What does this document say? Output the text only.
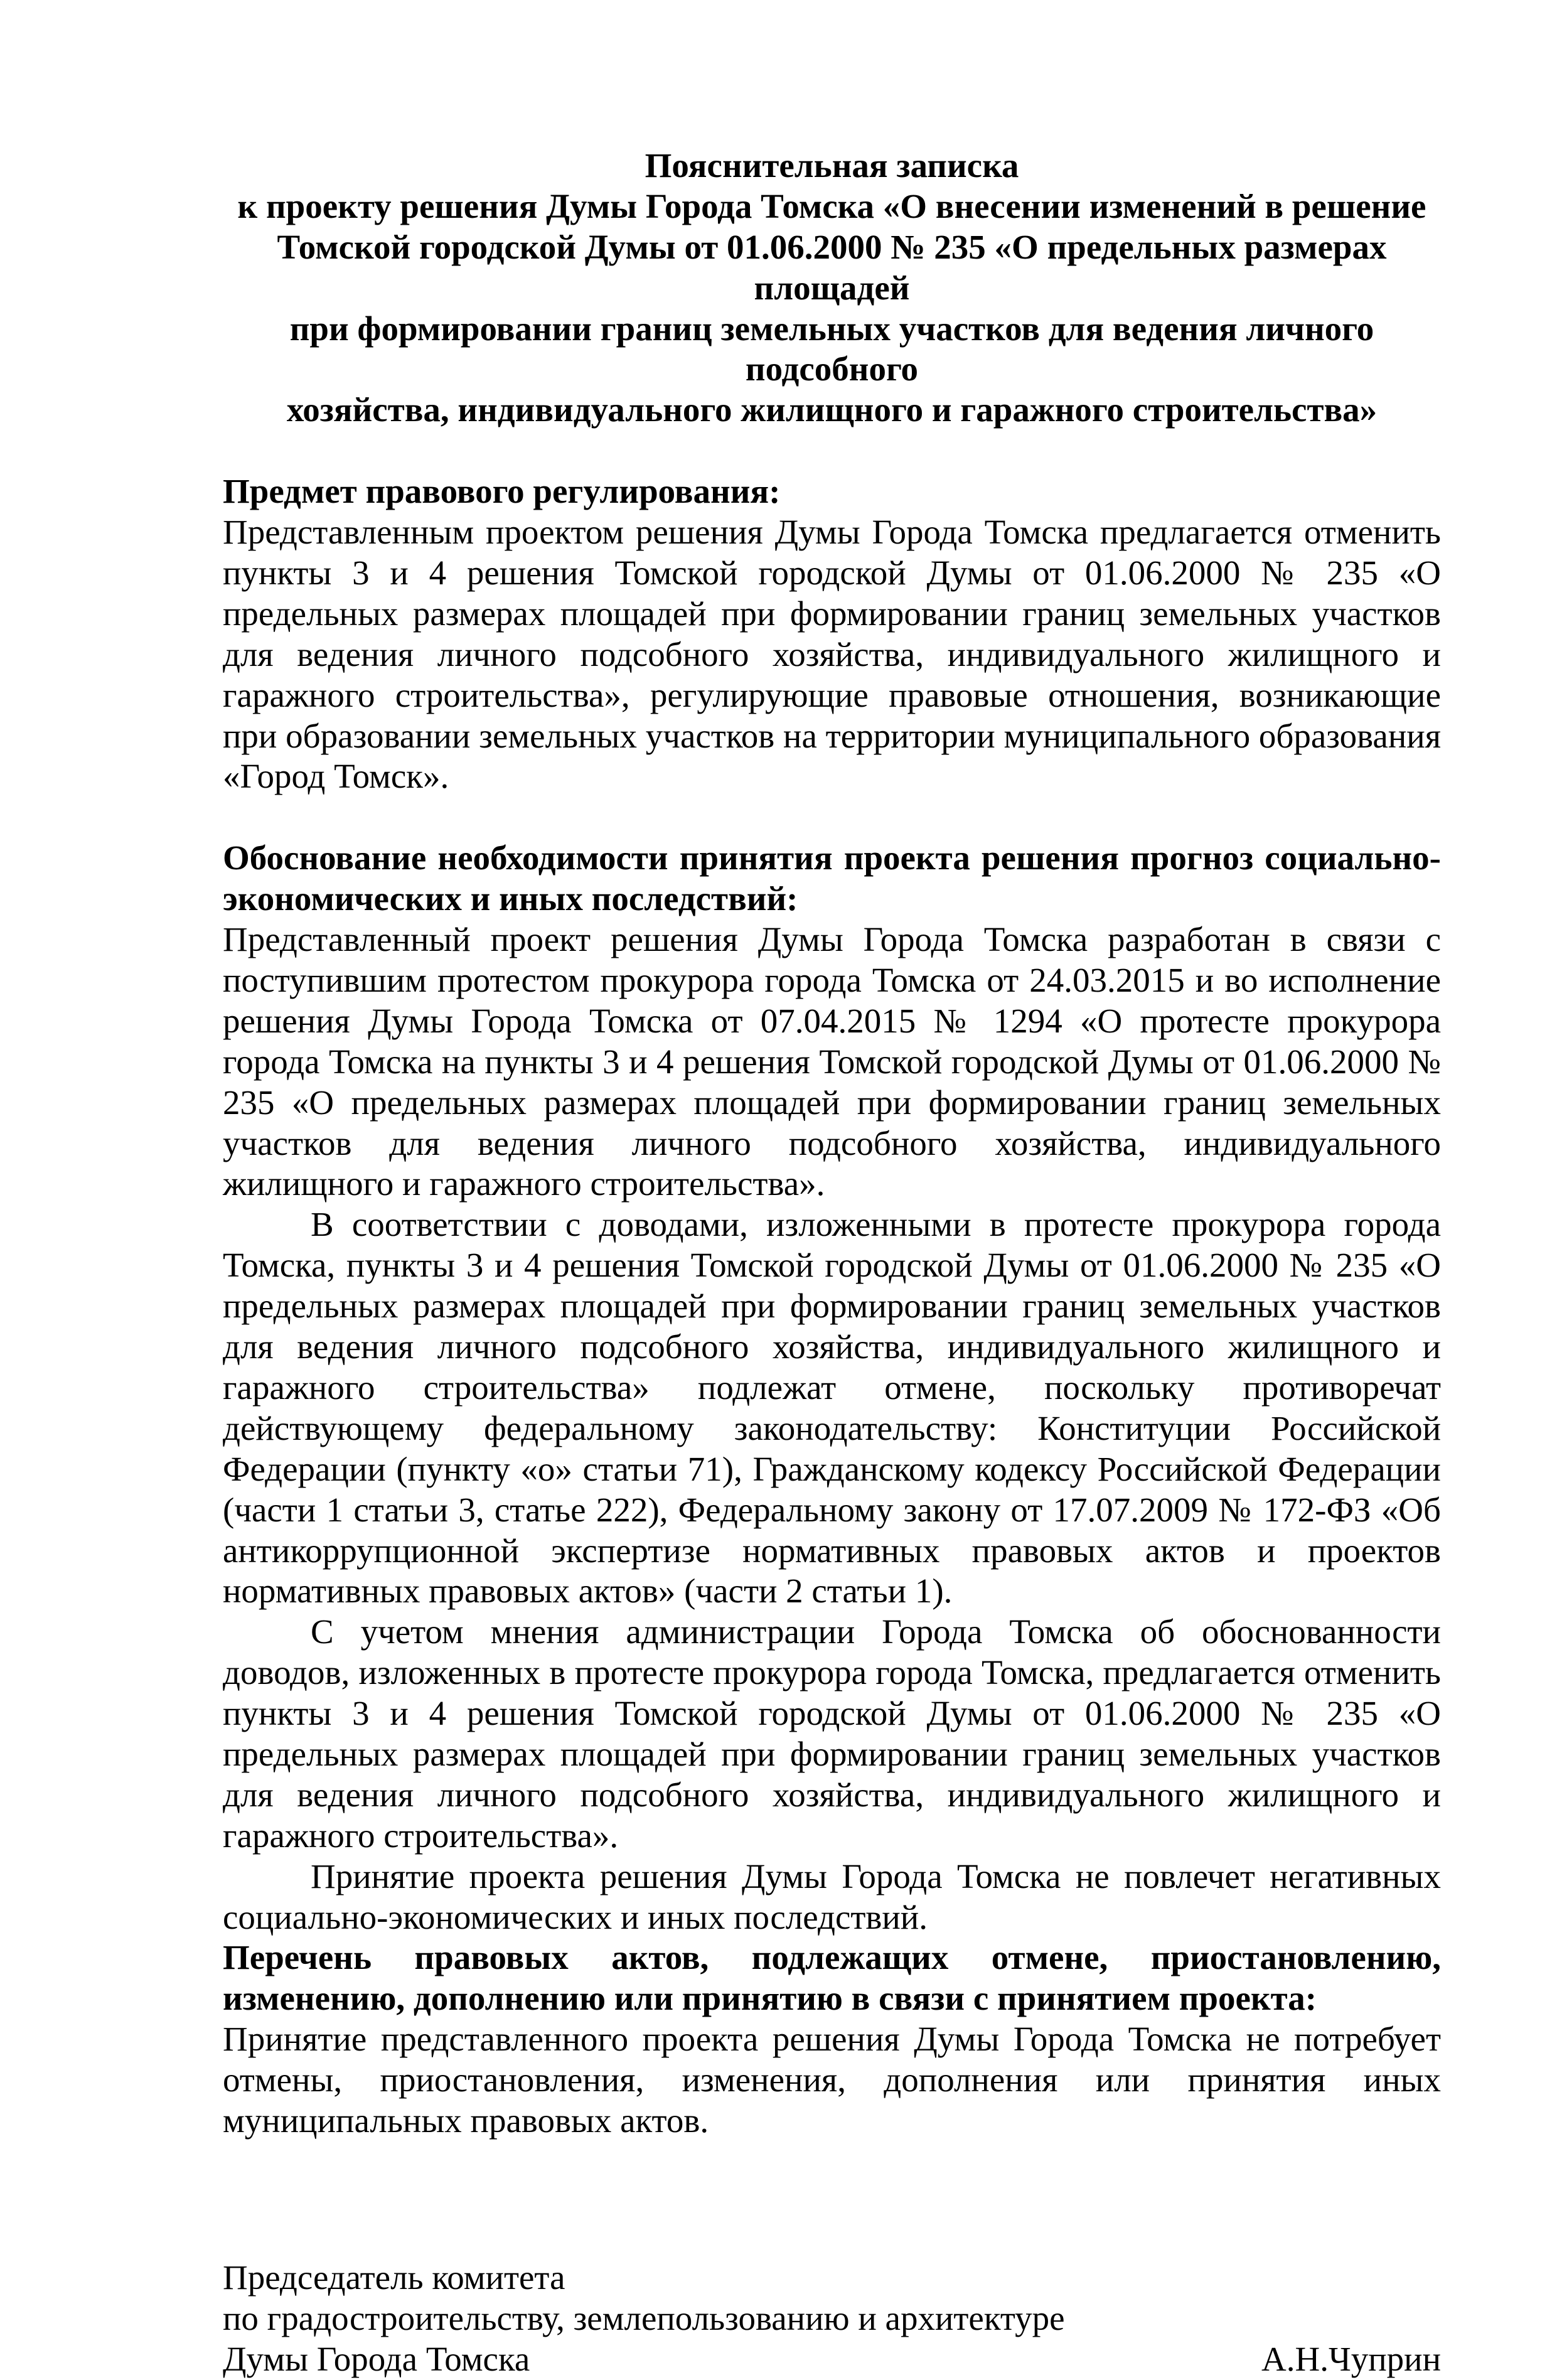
Пояснительная записка
к проекту решения Думы Города Томска «О внесении изменений в решение
Томской городской Думы от 01.06.2000 № 235 «О предельных размерах площадей
при формировании границ земельных участков для ведения личного подсобного
хозяйства, индивидуального жилищного и гаражного строительства»
Предмет правового регулирования:
Представленным проектом решения Думы Города Томска предлагается отменить пункты 3 и 4 решения Томской городской Думы от 01.06.2000 № 235 «О предельных размерах площадей при формировании границ земельных участков для ведения личного подсобного хозяйства, индивидуального жилищного и гаражного строительства», регулирующие правовые отношения, возникающие при образовании земельных участков на территории муниципального образования «Город Томск».
Обоснование необходимости принятия проекта решения прогноз социально-экономических и иных последствий:
Представленный проект решения Думы Города Томска разработан в связи с поступившим протестом прокурора города Томска от 24.03.2015 и во исполнение решения Думы Города Томска от 07.04.2015 № 1294 «О протесте прокурора города Томска на пункты 3 и 4 решения Томской городской Думы от 01.06.2000 № 235 «О предельных размерах площадей при формировании границ земельных участков для ведения личного подсобного хозяйства, индивидуального жилищного и гаражного строительства».
В соответствии с доводами, изложенными в протесте прокурора города Томска, пункты 3 и 4 решения Томской городской Думы от 01.06.2000 № 235 «О предельных размерах площадей при формировании границ земельных участков для ведения личного подсобного хозяйства, индивидуального жилищного и гаражного строительства» подлежат отмене, поскольку противоречат действующему федеральному законодательству: Конституции Российской Федерации (пункту «о» статьи 71), Гражданскому кодексу Российской Федерации (части 1 статьи 3, статье 222), Федеральному закону от 17.07.2009 № 172-ФЗ «Об антикоррупционной экспертизе нормативных правовых актов и проектов нормативных правовых актов» (части 2 статьи 1).
С учетом мнения администрации Города Томска об обоснованности доводов, изложенных в протесте прокурора города Томска, предлагается отменить пункты 3 и 4 решения Томской городской Думы от 01.06.2000 № 235 «О предельных размерах площадей при формировании границ земельных участков для ведения личного подсобного хозяйства, индивидуального жилищного и гаражного строительства».
Принятие проекта решения Думы Города Томска не повлечет негативных социально-экономических и иных последствий.
Перечень правовых актов, подлежащих отмене, приостановлению, изменению, дополнению или принятию в связи с принятием проекта:
Принятие представленного проекта решения Думы Города Томска не потребует отмены, приостановления, изменения, дополнения или принятия иных муниципальных правовых актов.
Председатель комитета
по градостроительству, землепользованию и архитектуре
Думы Города Томска	А.Н.Чуприн
